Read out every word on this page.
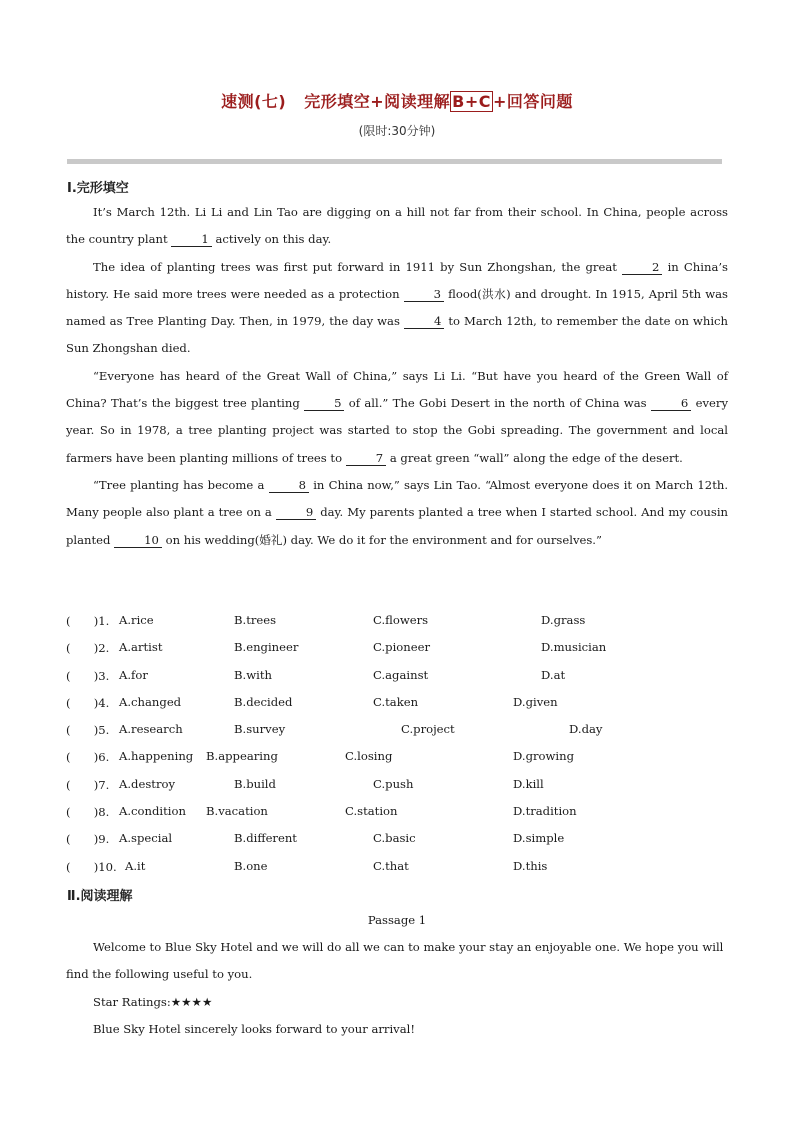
速测(七) 完形填空+阅读理解 B+C +回答问题
(限时:30分钟)
Ⅰ.完形填空

It’s March 12th. Li Li and Lin Tao are digging on a hill not far from their school. In China, people across the country plant	1 actively on this day.

The idea of planting trees was first put forward in 1911 by Sun Zhongshan, the great	2 in China’s history. He said more trees were needed as a protection	3 flood(洪水) and drought. In 1915, April 5th was named as Tree Planting Day. Then, in 1979, the day was	4 to March 12th, to remember the date on which Sun Zhongshan died.

“Everyone has heard of the Great Wall of China,” says Li Li. “But have you heard of the Green Wall of China? That’s the biggest tree planting	5 of all.” The Gobi Desert in the north of China was	6 every year. So in 1978, a tree planting project was started to stop the Gobi spreading. The government and local farmers have been planting millions of trees to	7 a great green “wall” along the edge of the desert.

“Tree planting has become a	8 in China now,” says Lin Tao. “Almost everyone does it on March 12th. Many people also plant a tree on a	9 day. My parents planted a tree when I started school. And my cousin planted	10 on his wedding(婚礼) day. We do it for the environment and for ourselves.”

(　　)1. A.rice	B.trees	C.flowers	D.grass
(　　)2. A.artist	B.engineer	C.pioneer	D.musician
(　　)3. A.for	B.with	C.against	D.at
(　　)4. A.changed	B.decided	C.taken	D.given
(　　)5. A.research	B.survey	C.project	D.day
(　　)6. A.happening B.appearing	C.losing	D.growing
(　　)7. A.destroy	B.build	C.push	D.kill
(　　)8. A.condition B.vacation	C.station	D.tradition
(　　)9. A.special	B.different	C.basic	D.simple
(　　)10. A.it	B.one	C.that	D.this
Ⅱ.阅读理解
Passage 1

Welcome to Blue Sky Hotel and we will do all we can to make your stay an enjoyable one. We hope you will find the following useful to you.

Star Ratings:★★★★

Blue Sky Hotel sincerely looks forward to your arrival!
